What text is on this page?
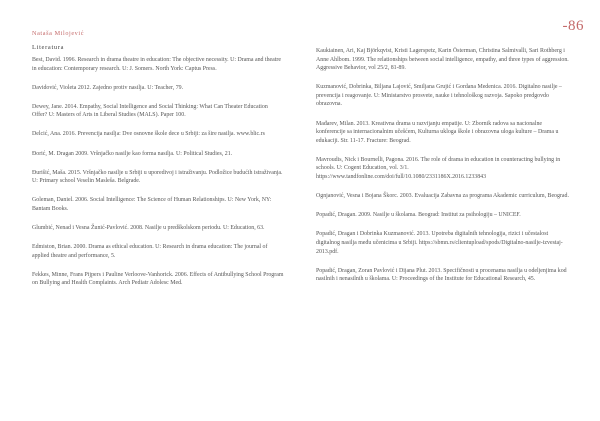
-86
Nataša Milojević
Literatura

Best, David. 1996. Research in drama theatre in education: The objective necessity. U: Drama and theatre in education: Contemporary research. U: J. Somers. North York: Captus Press.

Davidović, Violeta 2012. Zajedno protiv nasilja. U: Teacher, 79.

Dewey, Jane. 2014. Empathy, Social Intelligence and Social Thinking: What Can Theater Education Offer? U: Masters of Arts in Liberal Studies (MALS). Paper 100.

Delcić, Ana. 2016. Prevencija nasilja: Dve osnovne škole dece u Srbiji: za šire nasilja. www.blic.rs

Đorić, M. Dragan 2009. Vršnjačko nasilje kao forma nasilja. U: Political Studies, 21.

Đurišić, Maša. 2015. Vršnjačko nasilje u Srbiji u uporedivoj i istraživanju. Podložice budućih istraživanja. U: Primary school Veselin Masleša. Belgrade.

Goleman, Daniel. 2006. Social Intelligence: The Science of Human Relationships. U: New York, NY: Bantam Books.

Glumbić, Nenad i Vesna Žunić-Pavlović. 2008. Nasilje u predškolskom periodu. U: Education, 63.

Edmiston, Brian. 2000. Drama as ethical education. U: Research in drama education: The journal of applied theatre and performance, 5.

Fekkes, Minne, Frans Pijpers i Pauline Verloove-Vanhorick. 2006. Effects of Antibullying School Program on Bullying and Health Complaints. Arch Pediatr Adolesc Med.

Kaukiainen, Ari, Kaj Björkqvist, Kristi Lagerspetz, Karin Österman, Christina Salmivalli, Sari Rothberg i Anne Ahlbom. 1999. The relationships between social intelligence, empathy, and three types of aggression. Aggressive Behavior, vol 25/2, 81-89.

Kuzmanović, Dobrinka, Biljana Lajović, Smiljana Grujić i Gordana Medenica. 2016. Digitalno nasilje – prevencija i reagovanje. U: Ministarstvo prosvete, nauke i tehnološkog razvoja. Sapoko predgovdo obrazovna.

Mađarev, Milan. 2013. Kreativna drama u razvijanju empatije. U: Zbornik radova sa nacionalne konferencije sa internacionalnim učešćem, Kulturna ukloga škole i obrazovna uloga kulture – Drama u edukaciji. Str. 11-17. Fracture: Beograd.

Mavroudis, Nick i Bournelli, Pagona. 2016. The role of drama in education in counteracting bullying in schools. U: Cogent Education, vol. 3/1. https://www.tandfonline.com/doi/full/10.1080/2331186X.2016.1233843

Ognjanović, Vesna i Bojana Škorc. 2003. Evaluacija Zabavna za programa Akademic curriculum, Beograd.

Popadić, Dragan. 2009. Nasilje u školama. Beograd: Institut za psihologiju – UNICEF.

Popadić, Dragan i Dobrinka Kuzmanović. 2013. Upotreba digitalnih tehnologija, rizici i učestalost digitalnog nasilja među učenicima u Srbiji. https://sbmn.rs/clientupload/spods/Digitalno-nasilje-izvestaj-2013.pdf.

Popadić, Dragan, Zoran Pavlović i Dijana Plut. 2013. Specifičnosti u procenama nasilja u odeljenjima kod nasilnih i nenasilnih u školama. U: Proceedings of the Institute for Educational Research, 45.
